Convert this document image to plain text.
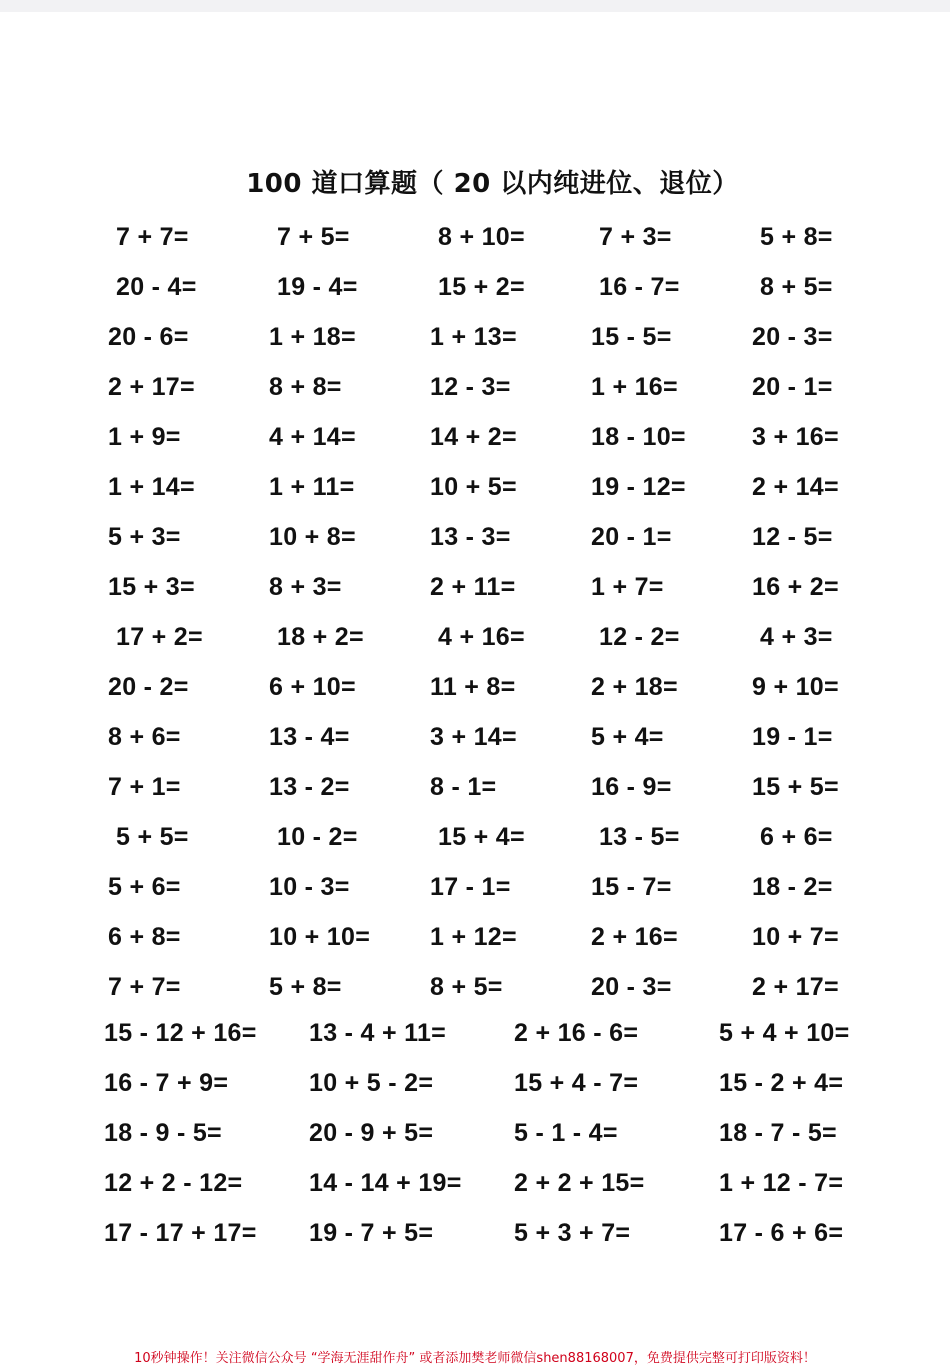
100 道口算题（ 20 以内纯进位、退位）
7 + 7=	7 + 5=	8 + 10=	7 + 3=	5 + 8=
20 - 4=	19 - 4=	15 + 2=	16 - 7=	8 + 5=
20 - 6=	1 + 18=	1 + 13=	15 - 5=	20 - 3=
2 + 17=	8 + 8=	12 - 3=	1 + 16=	20 - 1=
1 + 9=	4 + 14=	14 + 2=	18 - 10=	3 + 16=
1 + 14=	1 + 11=	10 + 5=	19 - 12=	2 + 14=
5 + 3=	10 + 8=	13 - 3=	20 - 1=	12 - 5=
15 + 3=	8 + 3=	2 + 11=	1 + 7=	16 + 2=
17 + 2=	18 + 2=	4 + 16=	12 - 2=	4 + 3=
20 - 2=	6 + 10=	11 + 8=	2 + 18=	9 + 10=
8 + 6=	13 - 4=	3 + 14=	5 + 4=	19 - 1=
7 + 1=	13 - 2=	8 - 1=	16 - 9=	15 + 5=
5 + 5=	10 - 2=	15 + 4=	13 - 5=	6 + 6=
5 + 6=	10 - 3=	17 - 1=	15 - 7=	18 - 2=
6 + 8=	10 + 10=	1 + 12=	2 + 16=	10 + 7=
7 + 7=	5 + 8=	8 + 5=	20 - 3=	2 + 17=
15 - 12 + 16=	13 - 4 + 11=	2 + 16 - 6=	5 + 4 + 10=
16 - 7 + 9=	10 + 5 - 2=	15 + 4 - 7=	15 - 2 + 4=
18 - 9 - 5=	20 - 9 + 5=	5 - 1 - 4=	18 - 7 - 5=
12 + 2 - 12=	14 - 14 + 19=	2 + 2 + 15=	1 + 12 - 7=
17 - 17 + 17=	19 - 7 + 5=	5 + 3 + 7=	17 - 6 + 6=
10秒钟操作！关注微信公众号 “学海无涯甜作舟” 或者添加樊老师微信shen88168007，免费提供完整可打印版资料！
